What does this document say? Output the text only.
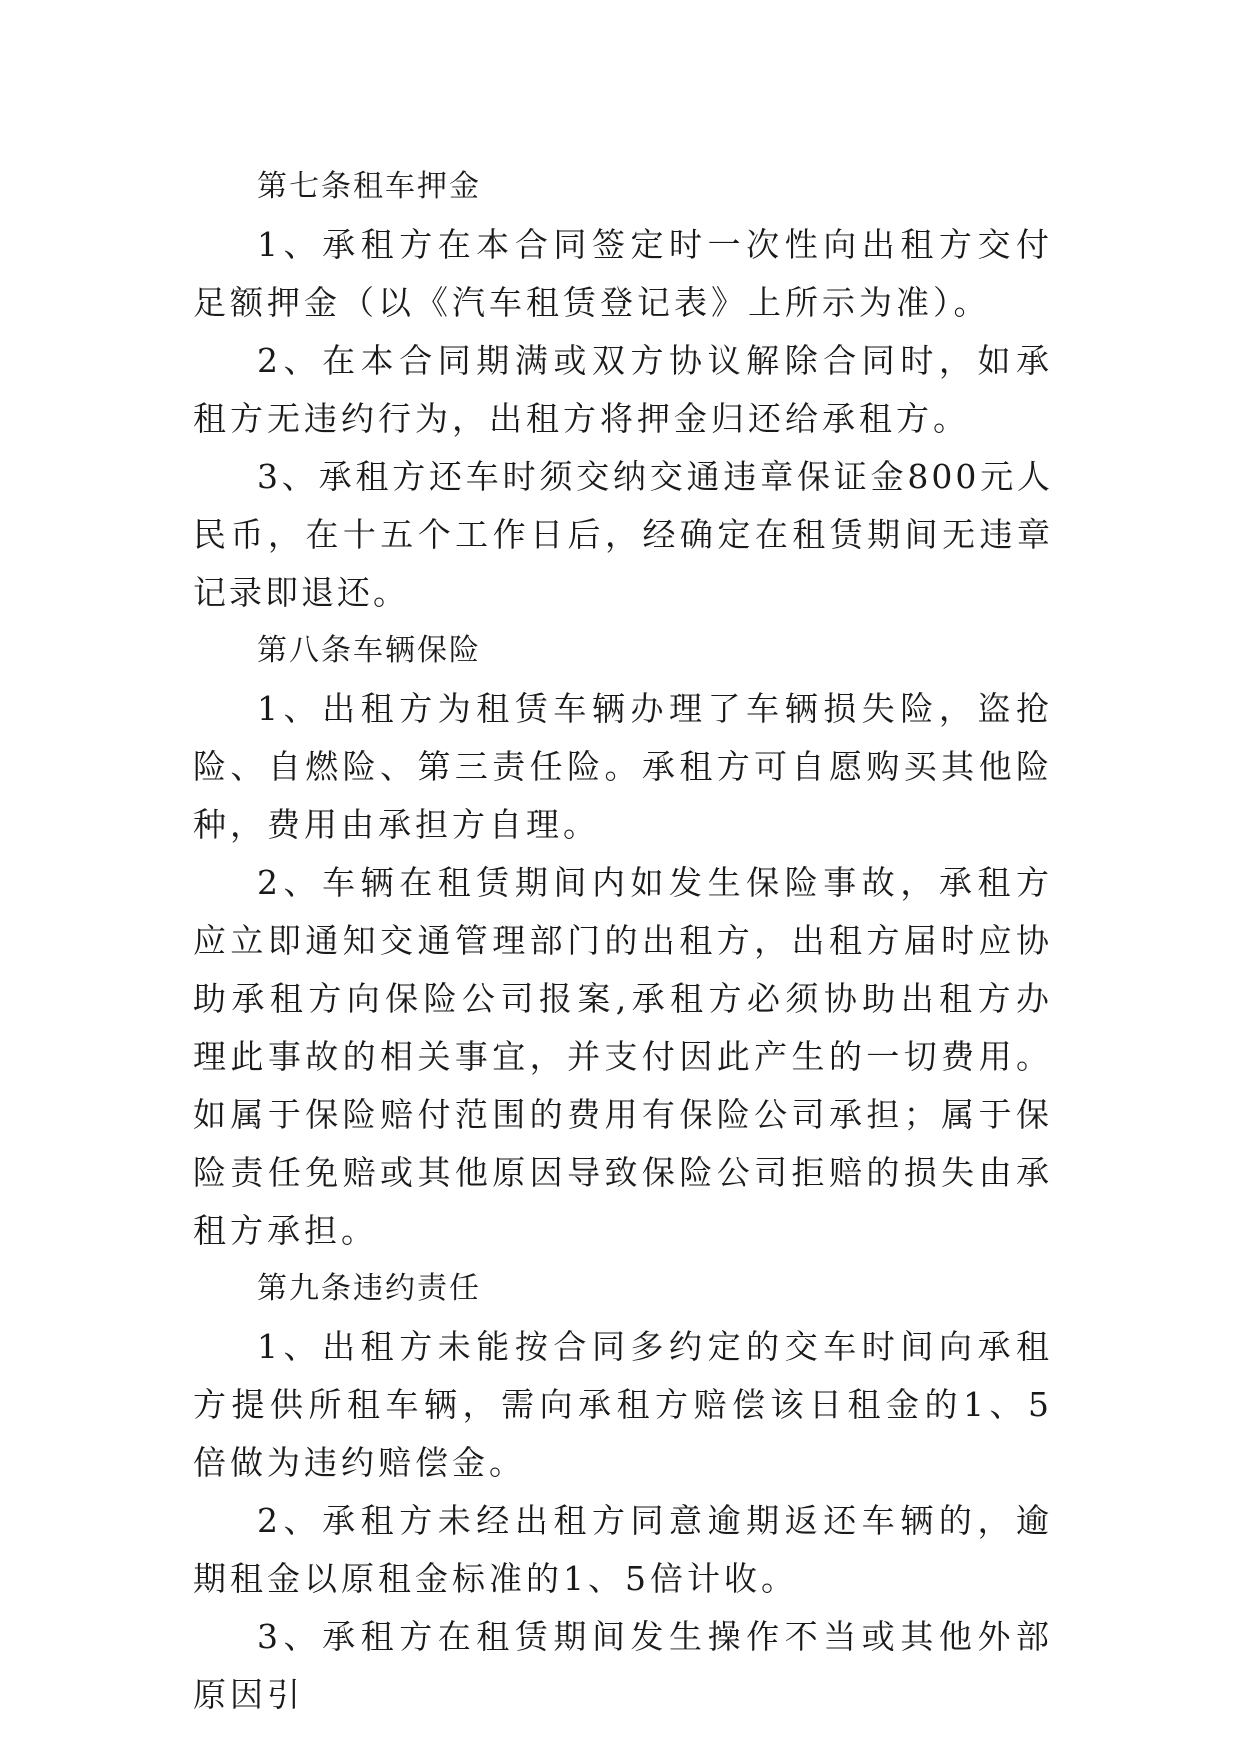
第七条租车押金

1、承租方在本合同签定时一次性向出租方交付足额押金（以《汽车租赁登记表》上所示为准）。

2、在本合同期满或双方协议解除合同时，如承租方无违约行为，出租方将押金归还给承租方。

3、承租方还车时须交纳交通违章保证金800元人民币，在十五个工作日后，经确定在租赁期间无违章记录即退还。

第八条车辆保险

1、出租方为租赁车辆办理了车辆损失险，盗抢险、自燃险、第三责任险。承租方可自愿购买其他险种，费用由承担方自理。

2、车辆在租赁期间内如发生保险事故，承租方应立即通知交通管理部门的出租方，出租方届时应协助承租方向保险公司报案,承租方必须协助出租方办理此事故的相关事宜，并支付因此产生的一切费用。如属于保险赔付范围的费用有保险公司承担；属于保险责任免赔或其他原因导致保险公司拒赔的损失由承租方承担。

第九条违约责任

1、出租方未能按合同多约定的交车时间向承租方提供所租车辆，需向承租方赔偿该日租金的1、5倍做为违约赔偿金。

2、承租方未经出租方同意逾期返还车辆的，逾期租金以原租金标准的1、5倍计收。

3、承租方在租赁期间发生操作不当或其他外部原因引
